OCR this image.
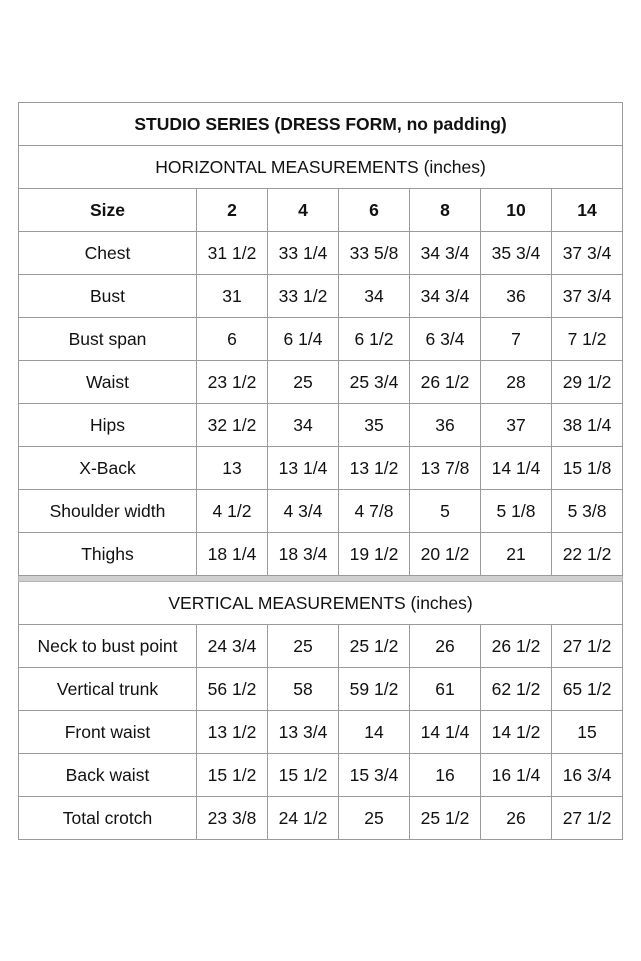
STUDIO SERIES (DRESS FORM, no padding)						
HORIZONTAL MEASUREMENTS (inches)						
Size	2	4	6	8	10	14
Chest	31 1/2	33 1/4	33 5/8	34 3/4	35 3/4	37 3/4
Bust	31	33 1/2	34	34 3/4	36	37 3/4
Bust span	6	6 1/4	6 1/2	6 3/4	7	7 1/2
Waist	23 1/2	25	25 3/4	26 1/2	28	29 1/2
Hips	32 1/2	34	35	36	37	38 1/4
X-Back	13	13 1/4	13 1/2	13 7/8	14 1/4	15 1/8
Shoulder width	4 1/2	4 3/4	4 7/8	5	5 1/8	5 3/8
Thighs	18 1/4	18 3/4	19 1/2	20 1/2	21	22 1/2

VERTICAL MEASUREMENTS (inches)						
Neck to bust point	24 3/4	25	25 1/2	26	26 1/2	27 1/2
Vertical trunk	56 1/2	58	59 1/2	61	62 1/2	65 1/2
Front waist	13 1/2	13 3/4	14	14 1/4	14 1/2	15
Back waist	15 1/2	15 1/2	15 3/4	16	16 1/4	16 3/4
Total crotch	23 3/8	24 1/2	25	25 1/2	26	27 1/2
